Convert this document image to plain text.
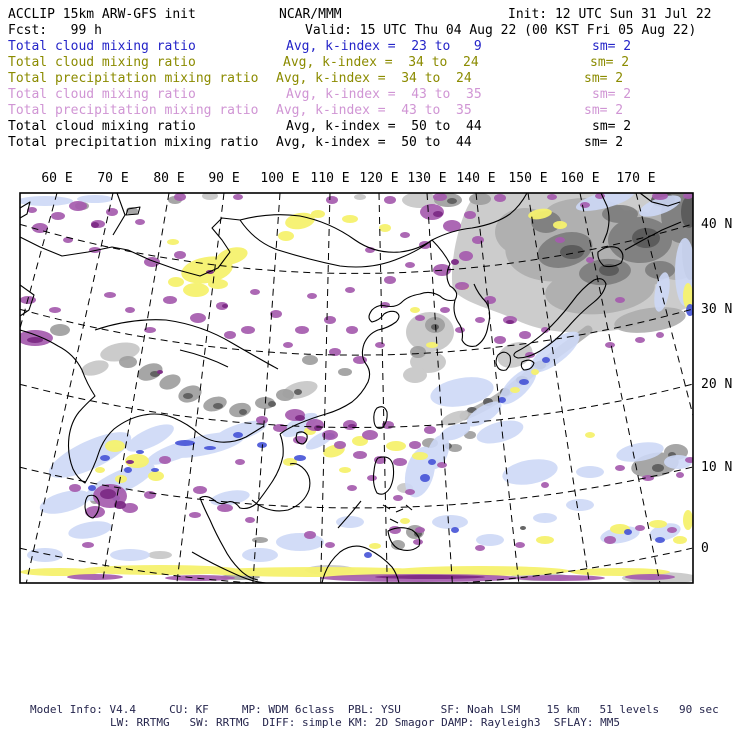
ACCLIP 15km ARW-GFS init	NCAR/MMM	Init: 12 UTC Sun 31 Jul 22
Fcst:   99 h	Valid: 15 UTC Thu 04 Aug 22 (00 KST Fri 05 Aug 22)
Total cloud mixing ratio	Avg, k-index =  23 to   9	sm= 2
Total cloud mixing ratio	Avg, k-index =  34 to  24	sm= 2
Total precipitation mixing ratio Avg, k-index =  34 to  24	sm= 2
Total cloud mixing ratio	Avg, k-index =  43 to  35	sm= 2
Total precipitation mixing ratio Avg, k-index =  43 to  35	sm= 2
Total cloud mixing ratio	Avg, k-index =  50 to  44	sm= 2
Total precipitation mixing ratio Avg, k-index =  50 to  44	sm= 2
60 E 70 E 80 E 90 E 100 E 110 E 120 E 130 E 140 E 150 E 160 E 170 E
40 N
30 N
20 N
10 N
0
Model Info: V4.4     CU: KF     MP: WDM 6class  PBL: YSU      SF: Noah LSM    15 km   51 levels   90 sec
LW: RRTMG   SW: RRTMG  DIFF: simple KM: 2D Smagor DAMP: Rayleigh3  SFLAY: MM5
